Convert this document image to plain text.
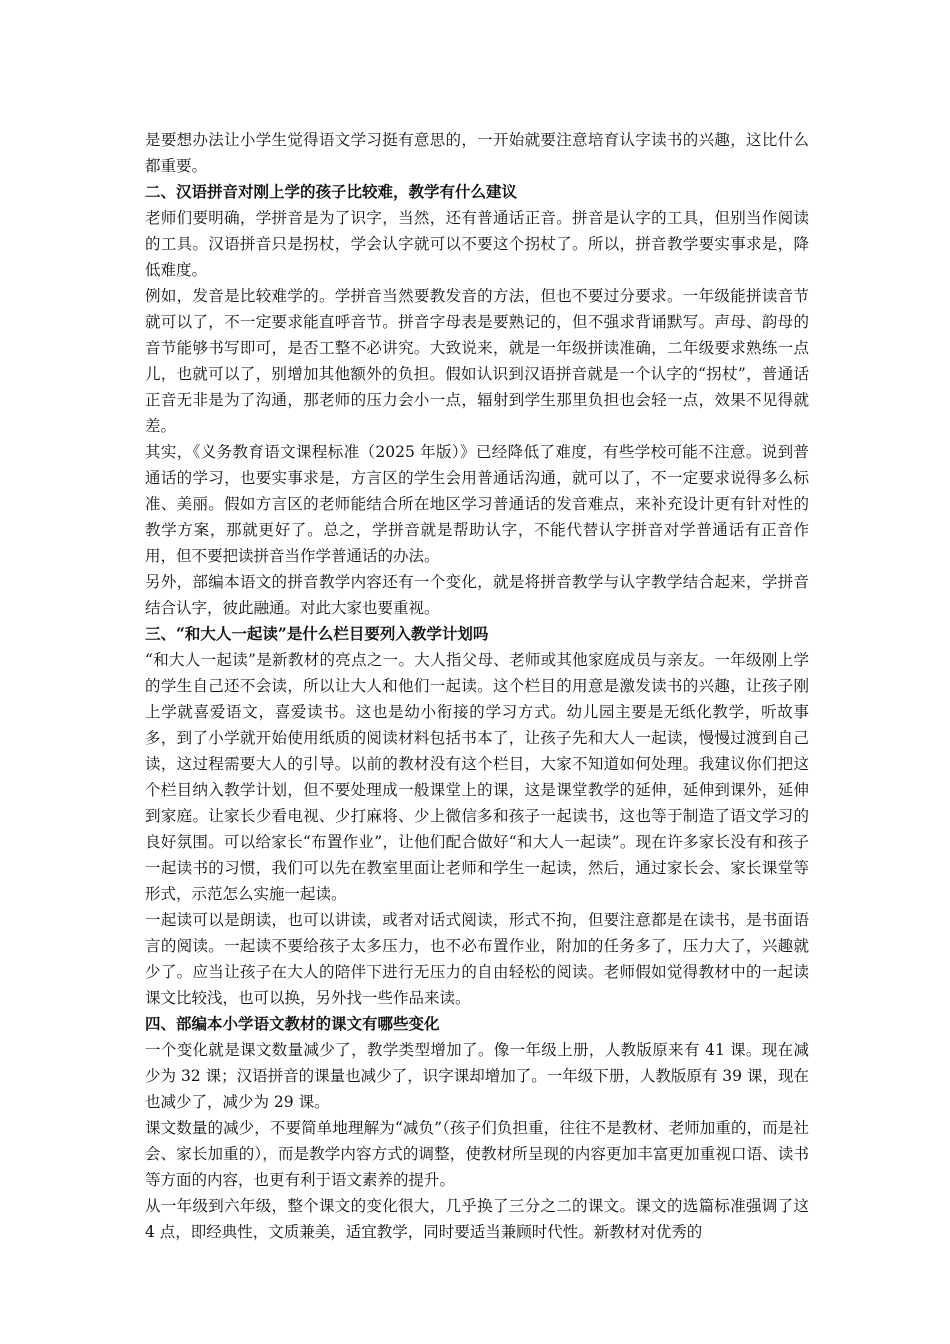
是要想办法让小学生觉得语文学习挺有意思的，一开始就要注意培育认字读书的兴趣，这比什么都重要。

二、汉语拼音对刚上学的孩子比较难，教学有什么建议

老师们要明确，学拼音是为了识字，当然，还有普通话正音。拼音是认字的工具，但别当作阅读的工具。汉语拼音只是拐杖，学会认字就可以不要这个拐杖了。所以，拼音教学要实事求是，降低难度。

例如，发音是比较难学的。学拼音当然要教发音的方法，但也不要过分要求。一年级能拼读音节就可以了，不一定要求能直呼音节。拼音字母表是要熟记的，但不强求背诵默写。声母、韵母的音节能够书写即可，是否工整不必讲究。大致说来，就是一年级拼读准确，二年级要求熟练一点儿，也就可以了，别增加其他额外的负担。假如认识到汉语拼音就是一个认字的“拐杖”，普通话正音无非是为了沟通，那老师的压力会小一点，辐射到学生那里负担也会轻一点，效果不见得就差。

其实，《义务教育语文课程标准（2025 年版）》已经降低了难度，有些学校可能不注意。说到普通话的学习，也要实事求是，方言区的学生会用普通话沟通，就可以了，不一定要求说得多么标准、美丽。假如方言区的老师能结合所在地区学习普通话的发音难点，来补充设计更有针对性的教学方案，那就更好了。总之，学拼音就是帮助认字，不能代替认字拼音对学普通话有正音作用，但不要把读拼音当作学普通话的办法。

另外，部编本语文的拼音教学内容还有一个变化，就是将拼音教学与认字教学结合起来，学拼音结合认字，彼此融通。对此大家也要重视。

三、“和大人一起读”是什么栏目要列入教学计划吗

“和大人一起读”是新教材的亮点之一。大人指父母、老师或其他家庭成员与亲友。一年级刚上学的学生自己还不会读，所以让大人和他们一起读。这个栏目的用意是激发读书的兴趣，让孩子刚上学就喜爱语文，喜爱读书。这也是幼小衔接的学习方式。幼儿园主要是无纸化教学，听故事多，到了小学就开始使用纸质的阅读材料包括书本了，让孩子先和大人一起读，慢慢过渡到自己读，这过程需要大人的引导。以前的教材没有这个栏目，大家不知道如何处理。我建议你们把这个栏目纳入教学计划，但不要处理成一般课堂上的课，这是课堂教学的延伸，延伸到课外，延伸到家庭。让家长少看电视、少打麻将、少上微信多和孩子一起读书，这也等于制造了语文学习的良好氛围。可以给家长“布置作业”，让他们配合做好“和大人一起读”。现在许多家长没有和孩子一起读书的习惯，我们可以先在教室里面让老师和学生一起读，然后，通过家长会、家长课堂等形式，示范怎么实施一起读。

一起读可以是朗读，也可以讲读，或者对话式阅读，形式不拘，但要注意都是在读书，是书面语言的阅读。一起读不要给孩子太多压力，也不必布置作业，附加的任务多了，压力大了，兴趣就少了。应当让孩子在大人的陪伴下进行无压力的自由轻松的阅读。老师假如觉得教材中的一起读课文比较浅，也可以换，另外找一些作品来读。

四、部编本小学语文教材的课文有哪些变化

一个变化就是课文数量减少了，教学类型增加了。像一年级上册，人教版原来有 41 课。现在减少为 32 课；汉语拼音的课量也减少了，识字课却增加了。一年级下册，人教版原有 39 课，现在也减少了，减少为 29 课。

课文数量的减少，不要简单地理解为“减负”（孩子们负担重，往往不是教材、老师加重的，而是社会、家长加重的），而是教学内容方式的调整，使教材所呈现的内容更加丰富更加重视口语、读书等方面的内容，也更有利于语文素养的提升。

从一年级到六年级，整个课文的变化很大，几乎换了三分之二的课文。课文的选篇标准强调了这 4 点，即经典性，文质兼美，适宜教学，同时要适当兼顾时代性。新教材对优秀的
